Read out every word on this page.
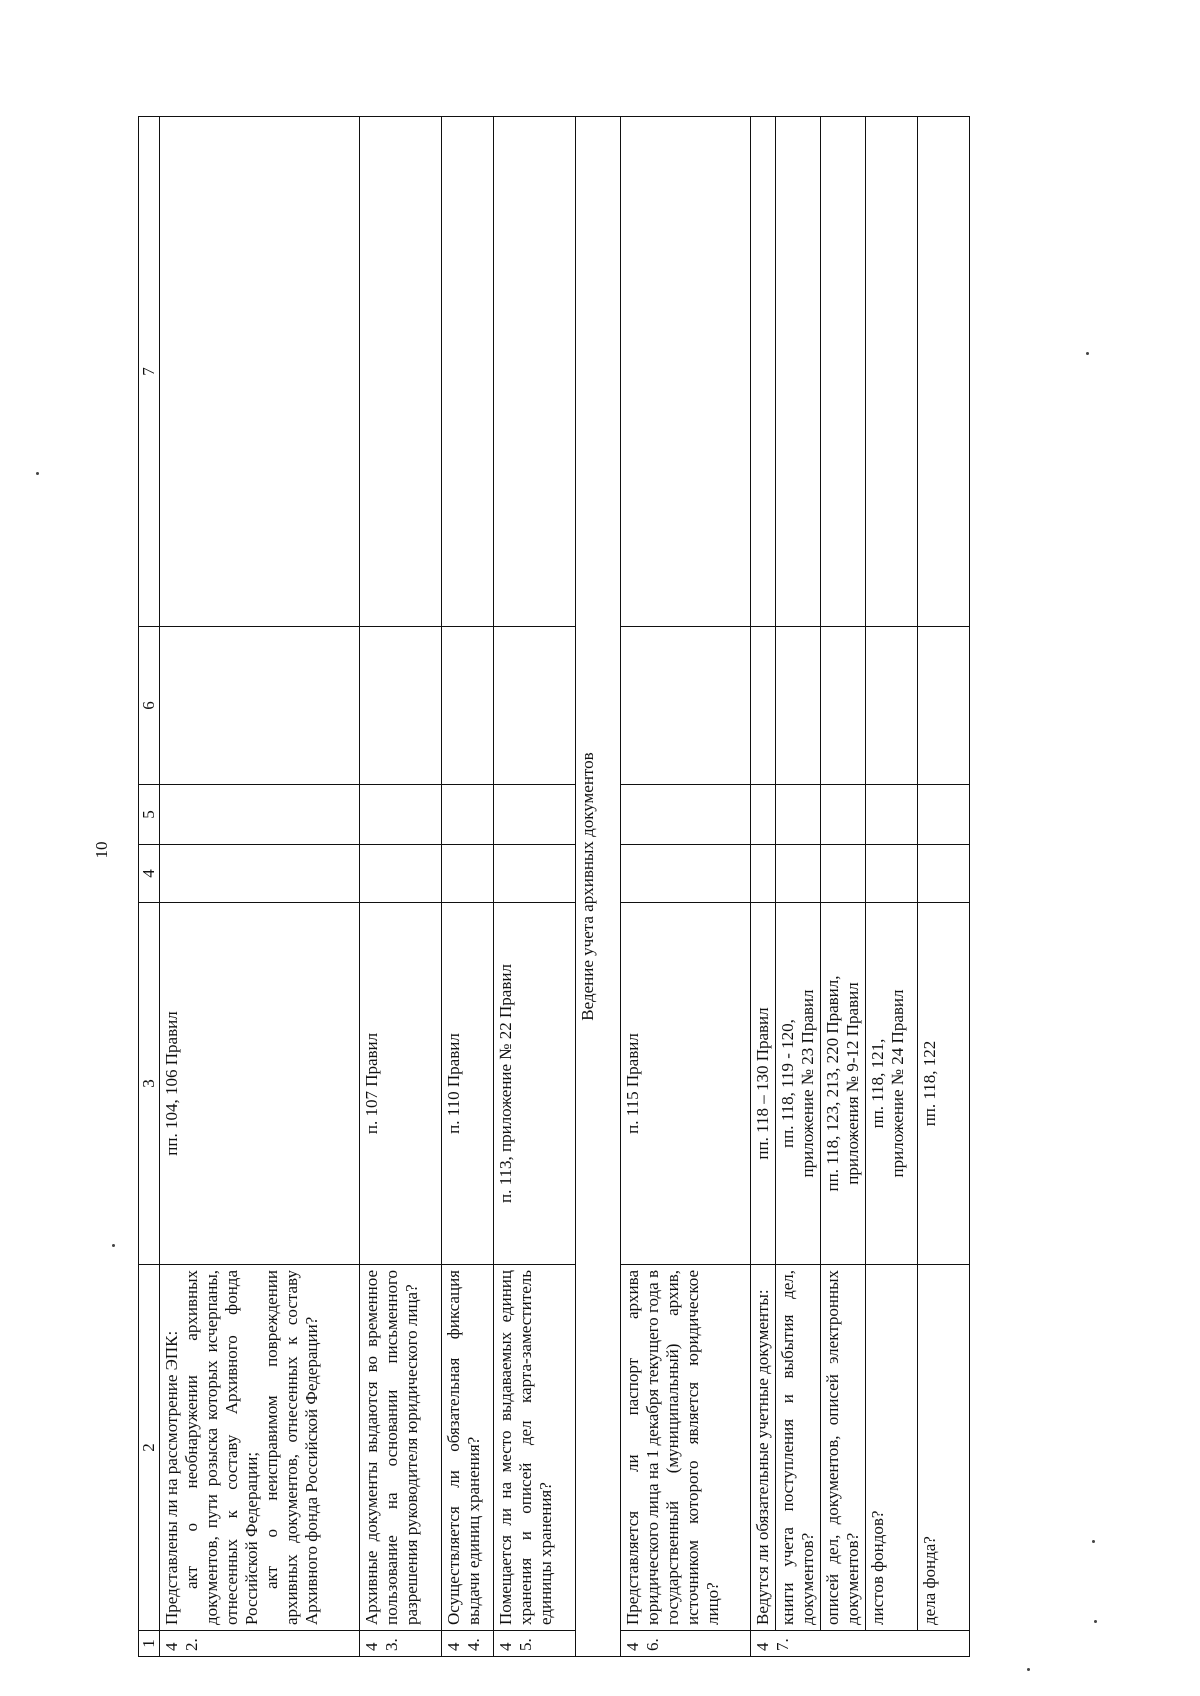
10
1	2	3	4	5	6	7
42.	Представлены ли на рассмотрение ЭПК: акт о необнаружении архивных документов, пути розыска которых исчерпаны, отнесенных к составу Архивного фонда Российской Федерации; акт о неисправимом повреждении архивных документов, отнесенных к составу Архивного фонда Российской Федерации?	пп. 104, 106 Правил				
43.	Архивные документы выдаются во временное пользование на основании письменного разрешения руководителя юридического лица?	п. 107 Правил				
44.	Осуществляется ли обязательная фиксация выдачи единиц хранения?	п. 110 Правил				
45.	Помещается ли на место выдаваемых единиц хранения и описей дел карта-заместитель единицы хранения?	п. 113, приложение № 22 Правил				
Ведение учета архивных документов						
46.	Представляется ли паспорт архива юридического лица на 1 декабря текущего года в государственный (муниципальный) архив, источником которого является юридическое лицо?	п. 115 Правил				
47.	Ведутся ли обязательные учетные документы:	пп. 118 – 130 Правил				
	книги учета поступления и выбытия дел, документов?	пп. 118, 119 - 120, приложение № 23 Правил				

	описей дел, документов, описей электронных документов?	пп. 118, 123, 213, 220 Правил, приложения № 9-12 Правил				

	листов фондов?	пп. 118, 121, приложение № 24 Правил				

	дела фонда?	пп. 118, 122				
